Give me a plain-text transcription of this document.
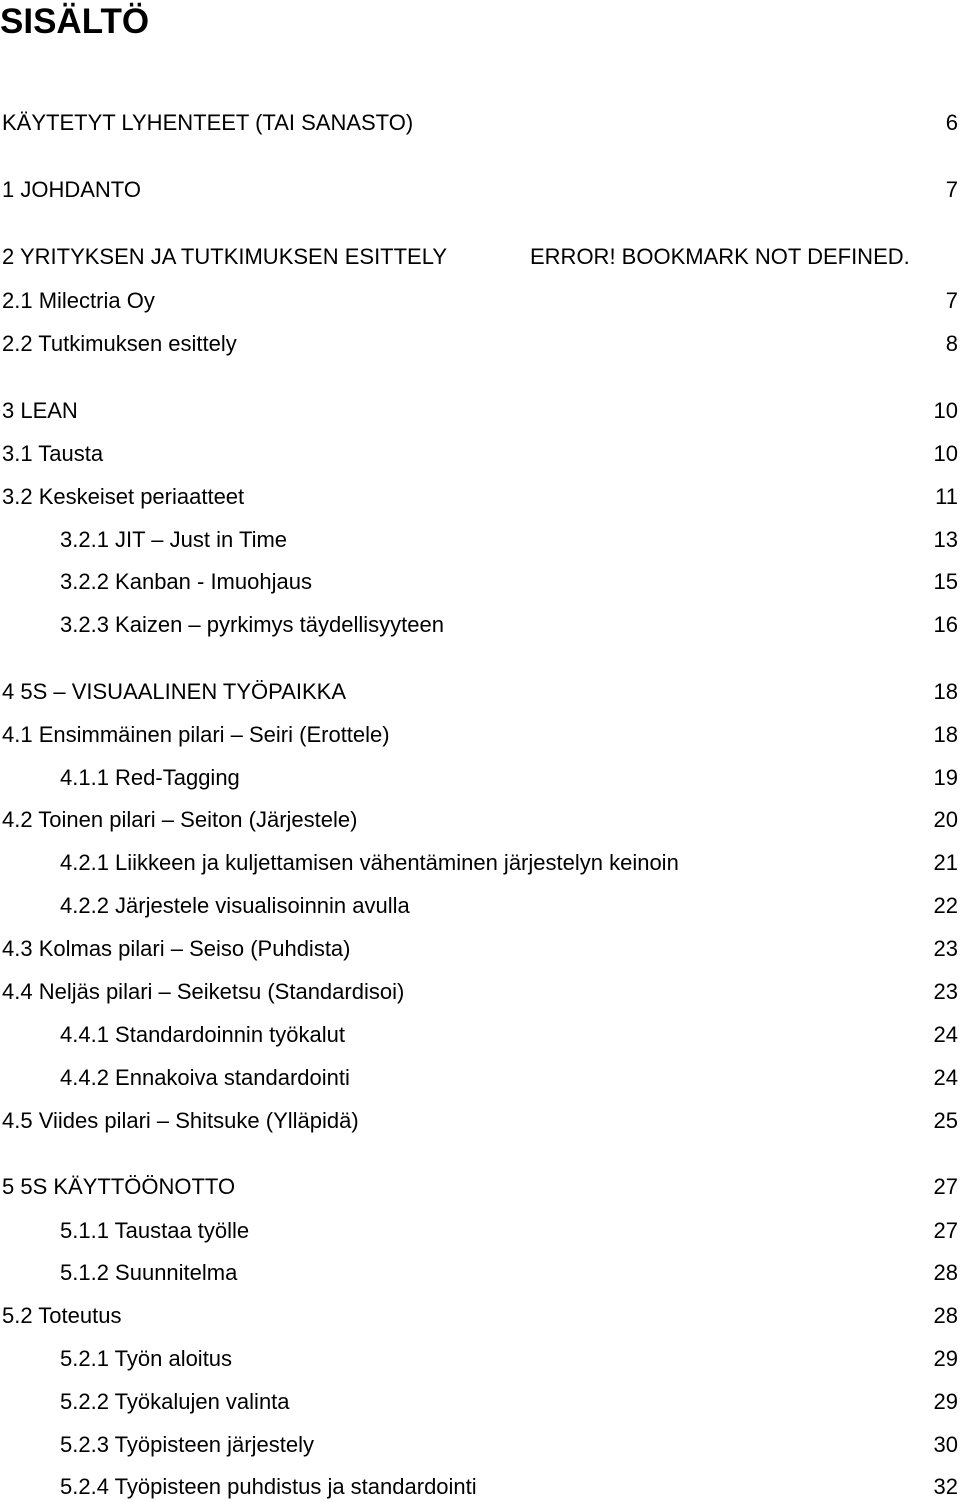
SISÄLTÖ
KÄYTETYT LYHENTEET (TAI SANASTO)	6
1 JOHDANTO	7
2 YRITYKSEN JA TUTKIMUKSEN ESITTELY	ERROR! BOOKMARK NOT DEFINED.
2.1 Milectria Oy	7
2.2 Tutkimuksen esittely	8
3 LEAN	10
3.1 Tausta	10
3.2 Keskeiset periaatteet	11
3.2.1 JIT – Just in Time	13
3.2.2 Kanban - Imuohjaus	15
3.2.3 Kaizen – pyrkimys täydellisyyteen	16
4 5S – VISUAALINEN TYÖPAIKKA	18
4.1 Ensimmäinen pilari – Seiri (Erottele)	18
4.1.1 Red-Tagging	19
4.2 Toinen pilari – Seiton (Järjestele)	20
4.2.1 Liikkeen ja kuljettamisen vähentäminen järjestelyn keinoin	21
4.2.2 Järjestele visualisoinnin avulla	22
4.3 Kolmas pilari – Seiso (Puhdista)	23
4.4 Neljäs pilari – Seiketsu (Standardisoi)	23
4.4.1 Standardoinnin työkalut	24
4.4.2 Ennakoiva standardointi	24
4.5 Viides pilari – Shitsuke (Ylläpidä)	25
5 5S KÄYTTÖÖNOTTO	27
5.1.1 Taustaa työlle	27
5.1.2 Suunnitelma	28
5.2 Toteutus	28
5.2.1 Työn aloitus	29
5.2.2 Työkalujen valinta	29
5.2.3 Työpisteen järjestely	30
5.2.4 Työpisteen puhdistus ja standardointi	32
